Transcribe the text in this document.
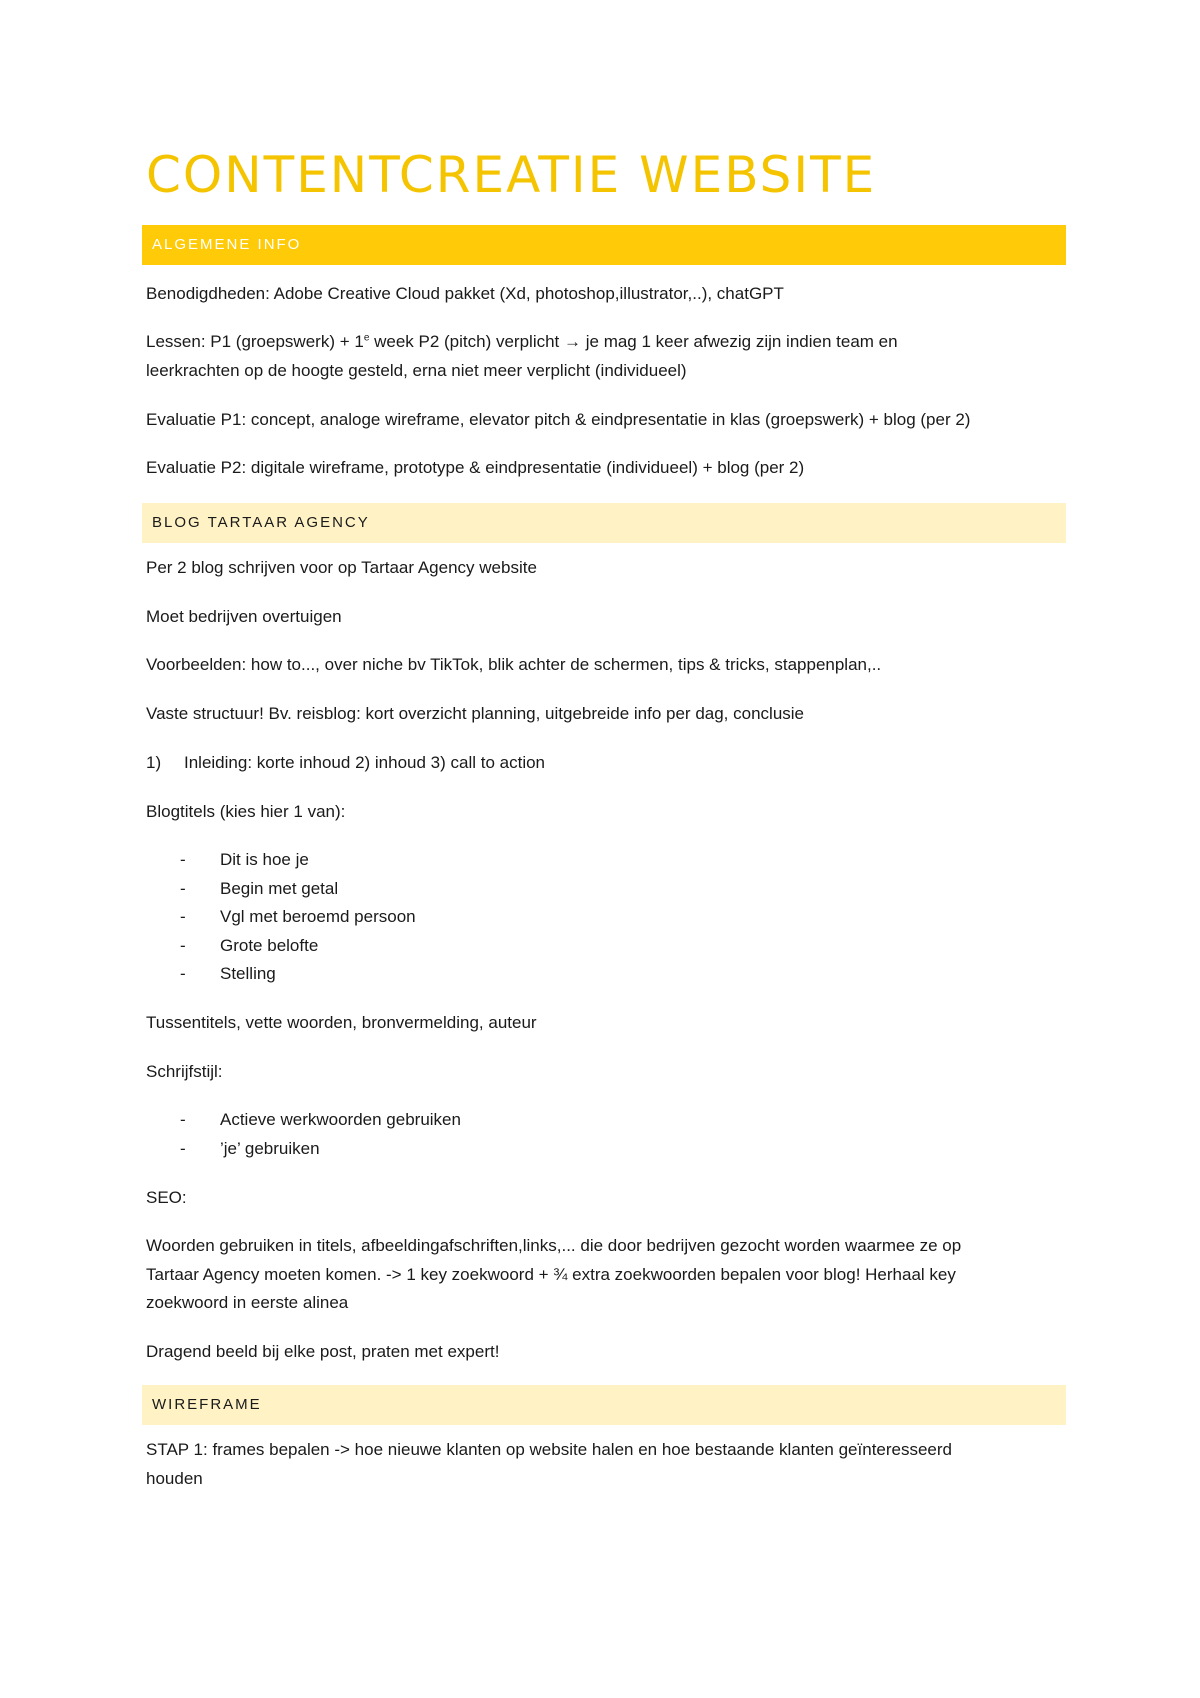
CONTENTCREATIE WEBSITE
ALGEMENE INFO
Benodigdheden: Adobe Creative Cloud pakket (Xd, photoshop,illustrator,..), chatGPT
Lessen: P1 (groepswerk) + $1^e$ week P2 (pitch) verplicht → je mag 1 keer afwezig zijn indien team en
leerkrachten op de hoogte gesteld, erna niet meer verplicht (individueel)
Evaluatie P1: concept, analoge wireframe, elevator pitch & eindpresentatie in klas (groepswerk) + blog (per 2)
Evaluatie P2: digitale wireframe, prototype & eindpresentatie (individueel) + blog (per 2)
BLOG TARTAAR AGENCY
Per 2 blog schrijven voor op Tartaar Agency website
Moet bedrijven overtuigen
Voorbeelden: how to..., over niche bv TikTok, blik achter de schermen, tips & tricks, stappenplan,..
Vaste structuur! Bv. reisblog: kort overzicht planning, uitgebreide info per dag, conclusie
1) Inleiding: korte inhoud 2) inhoud 3) call to action
Blogtitels (kies hier 1 van):
- Dit is hoe je
- Begin met getal
- Vgl met beroemd persoon
- Grote belofte
- Stelling
Tussentitels, vette woorden, bronvermelding, auteur
Schrijfstijl:
- Actieve werkwoorden gebruiken
- ’je’ gebruiken
SEO:
Woorden gebruiken in titels, afbeeldingafschriften,links,... die door bedrijven gezocht worden waarmee ze op
Tartaar Agency moeten komen. -> 1 key zoekwoord + ¾ extra zoekwoorden bepalen voor blog! Herhaal key
zoekwoord in eerste alinea
Dragend beeld bij elke post, praten met expert!
WIREFRAME
STAP 1: frames bepalen -> hoe nieuwe klanten op website halen en hoe bestaande klanten geïnteresseerd
houden
